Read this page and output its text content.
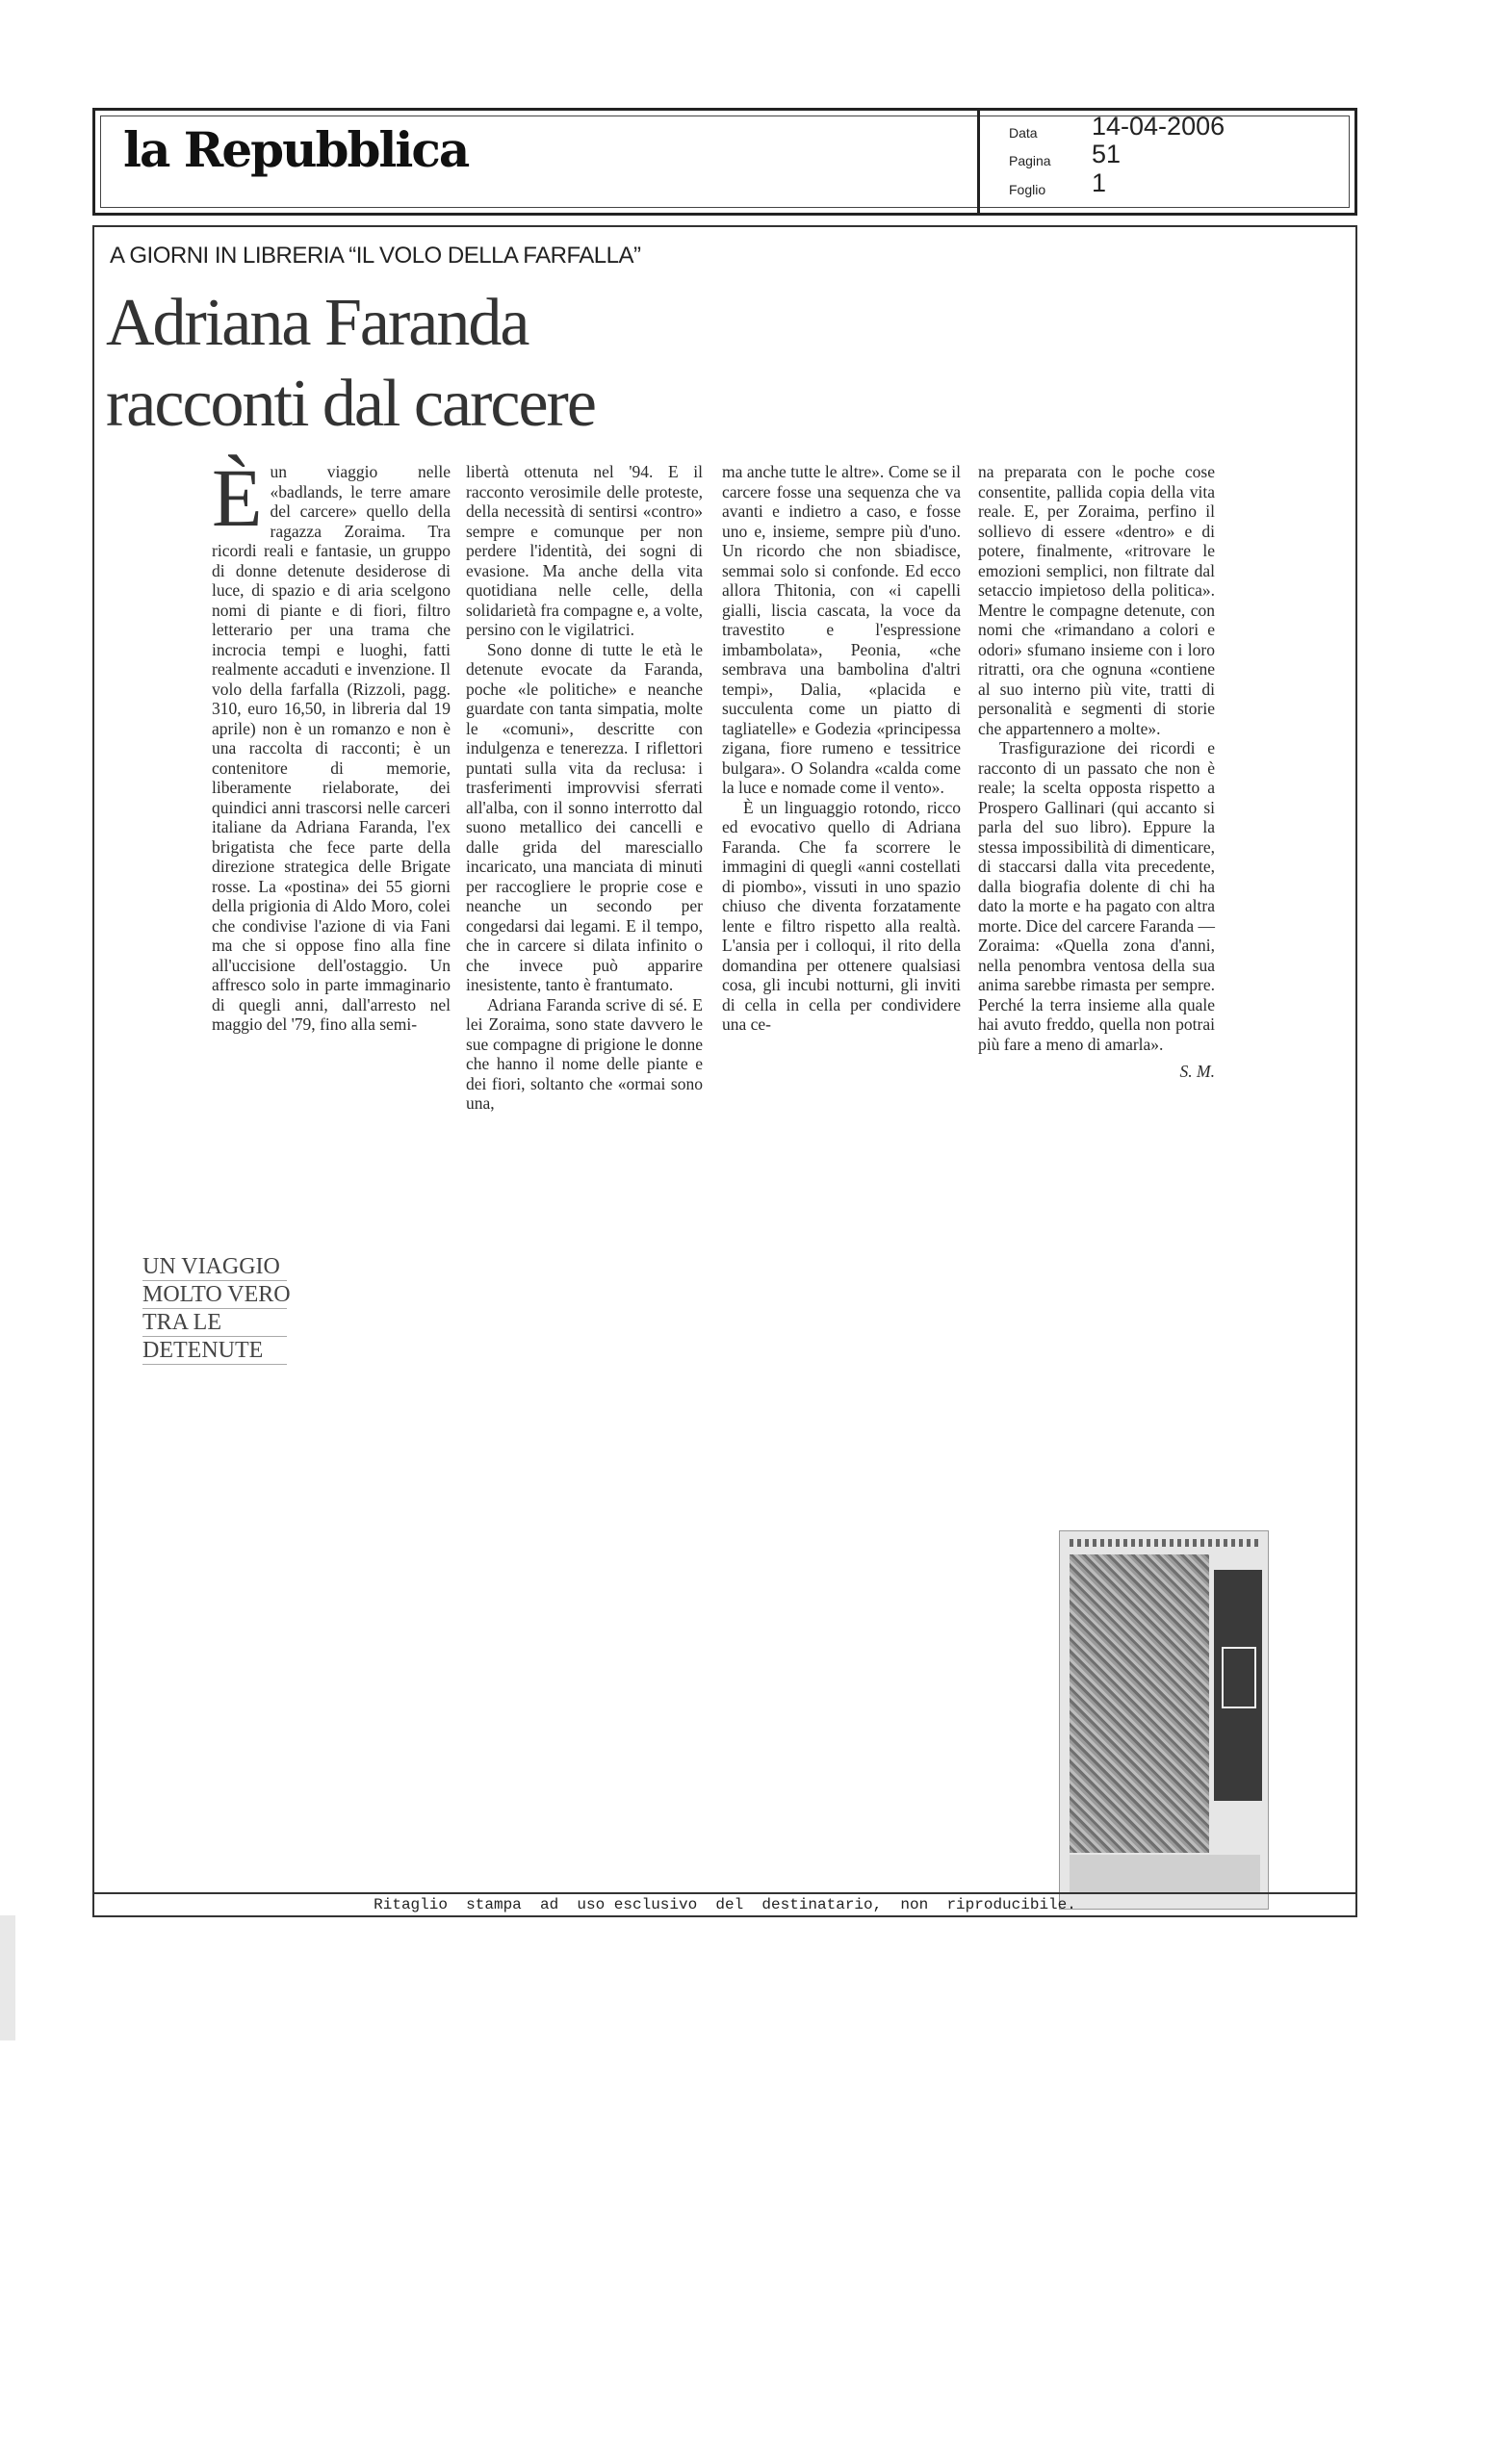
la Repubblica	Data 14-04-2006
Pagina 51
Foglio 1
A GIORNI IN LIBRERIA “IL VOLO DELLA FARFALLA”
Adriana Faranda
racconti dal carcere
È un viaggio nelle «badlands, le terre amare del carcere» quello della ragazza Zoraima. Tra ricordi reali e fantasie, un gruppo di donne detenute desiderose di luce, di spazio e di aria scelgono nomi di piante e di fiori, filtro letterario per una trama che incrocia tempi e luoghi, fatti realmente accaduti e invenzione. Il volo della farfalla (Rizzoli, pagg. 310, euro 16,50, in libreria dal 19 aprile) non è un romanzo e non è una raccolta di racconti; è un contenitore di memorie, liberamente rielaborate, dei quindici anni trascorsi nelle carceri italiane da Adriana Faranda, l'ex brigatista che fece parte della direzione strategica delle Brigate rosse. La «postina» dei 55 giorni della prigionia di Aldo Moro, colei che condivise l'azione di via Fani ma che si oppose fino alla fine all'uccisione dell'ostaggio. Un affresco solo in parte immaginario di quegli anni, dall'arresto nel maggio del '79, fino alla semi-

libertà ottenuta nel '94. E il racconto verosimile delle proteste, della necessità di sentirsi «contro» sempre e comunque per non perdere l'identità, dei sogni di evasione. Ma anche della vita quotidiana nelle celle, della solidarietà fra compagne e, a volte, persino con le vigilatrici.

Sono donne di tutte le età le detenute evocate da Faranda, poche «le politiche» e neanche guardate con tanta simpatia, molte le «comuni», descritte con indulgenza e tenerezza. I riflettori puntati sulla vita da reclusa: i trasferimenti improvvisi sferrati all'alba, con il sonno interrotto dal suono metallico dei cancelli e dalle grida del maresciallo incaricato, una manciata di minuti per raccogliere le proprie cose e neanche un secondo per congedarsi dai legami. E il tempo, che in carcere si dilata infinito o che invece può apparire inesistente, tanto è frantumato.

Adriana Faranda scrive di sé. E lei Zoraima, sono state davvero le sue compagne di prigione le donne che hanno il nome delle piante e dei fiori, soltanto che «ormai sono una,

ma anche tutte le altre». Come se il carcere fosse una sequenza che va avanti e indietro a caso, e fosse uno e, insieme, sempre più d'uno. Un ricordo che non sbiadisce, semmai solo si confonde. Ed ecco allora Thitonia, con «i capelli gialli, liscia cascata, la voce da travestito e l'espressione imbambolata», Peonia, «che sembrava una bambolina d'altri tempi», Dalia, «placida e succulenta come un piatto di tagliatelle» e Godezia «principessa zigana, fiore rumeno e tessitrice bulgara». O Solandra «calda come la luce e nomade come il vento».

È un linguaggio rotondo, ricco ed evocativo quello di Adriana Faranda. Che fa scorrere le immagini di quegli «anni costellati di piombo», vissuti in uno spazio chiuso che diventa forzatamente lente e filtro rispetto alla realtà. L'ansia per i colloqui, il rito della domandina per ottenere qualsiasi cosa, gli incubi notturni, gli inviti di cella in cella per condividere una ce-

na preparata con le poche cose consentite, pallida copia della vita reale. E, per Zoraima, perfino il sollievo di essere «dentro» e di potere, finalmente, «ritrovare le emozioni semplici, non filtrate dal setaccio impietoso della politica». Mentre le compagne detenute, con nomi che «rimandano a colori e odori» sfumano insieme con i loro ritratti, ora che ognuna «contiene al suo interno più vite, tratti di personalità e segmenti di storie che appartennero a molte».

Trasfigurazione dei ricordi e racconto di un passato che non è reale; la scelta opposta rispetto a Prospero Gallinari (qui accanto si parla del suo libro). Eppure la stessa impossibilità di dimenticare, di staccarsi dalla vita precedente, dalla biografia dolente di chi ha dato la morte e ha pagato con altra morte. Dice del carcere Faranda — Zoraima: «Quella zona d'anni, nella penombra ventosa della sua anima sarebbe rimasta per sempre. Perché la terra insieme alla quale hai avuto freddo, quella non potrai più fare a meno di amarla».

S. M.
UN VIAGGIO
MOLTO VERO
TRA LE
DETENUTE
Ritaglio  stampa  ad  uso esclusivo  del  destinatario,  non  riproducibile.
